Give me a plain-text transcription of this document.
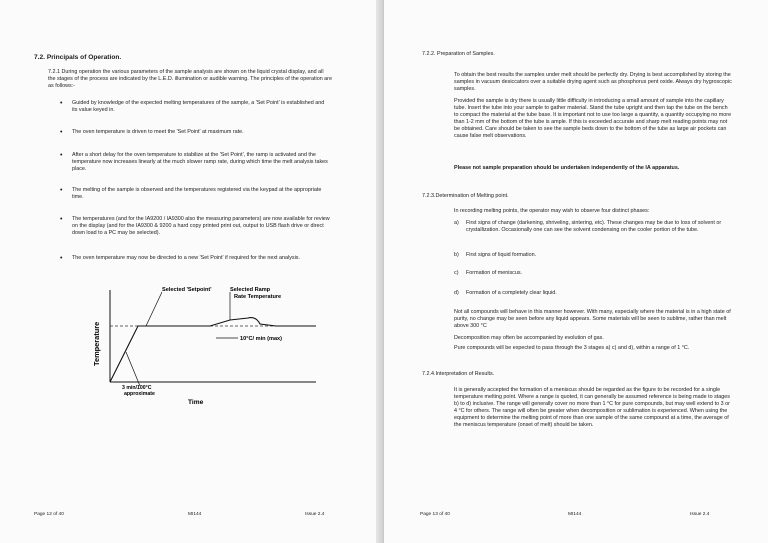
7.2. Principals of Operation.

7.2.1 During operation the various parameters of the sample analysis are shown on the liquid crystal display, and all the stages of the process are indicated by the L.E.D. illumination or audible warning. The principles of the operation are as follows:-

• Guided by knowledge of the expected melting temperatures of the sample, a 'Set Point' is established and its value keyed in.

• The oven temperature is driven to meet the 'Set Point' at maximum rate.

• After a short delay for the oven temperature to stabilize at the 'Set Point', the ramp is activated and the temperature now increases linearly at the much slower ramp rate, during which time the melt analysis takes place.

• The melting of the sample is observed and the temperatures registered via the keypad at the appropriate time.

• The temperatures (and for the IA9200 / IA9300 also the measuring parameters) are now available for review on the display (and for the IA9300 & 9200 a hard copy printed print out, output to USB flash drive or direct down load to a PC may be selected).

• The oven temperature may now be directed to a new 'Set Point' if required for the next analysis.

Selected 'Setpoint'	Selected Ramp
Rate Temperature
10°C/ min (max)
3 min/100°C
approximate
Time
Temperature
Page 12 of 40	MI144	Issue 2.4

7.2.2. Preparation of Samples.

To obtain the best results the samples under melt should be perfectly dry. Drying is best accomplished by storing the samples in vacuum desiccators over a suitable drying agent such as phosphorus pent oxide. Always dry hygroscopic samples.

Provided the sample is dry there is usually little difficulty in introducing a small amount of sample into the capillary tube. Insert the tube into your sample to gather material. Stand the tube upright and then tap the tube on the bench to compact the material at the tube base. It is important not to use too large a quantity, a quantity occupying no more than 1-2 mm of the bottom of the tube is ample. If this is exceeded accurate and sharp melt reading points may not be obtained. Care should be taken to see the sample beds down to the bottom of the tube as large air pockets can cause false melt observations.

Please not sample preparation should be undertaken independently of the IA apparatus.

7.2.3.Determination of Melting point.

In recording melting points, the operator may wish to observe four distinct phases:

a) First signs of change (darkening, shriveling, sintering, etc). These changes may be due to loss of solvent or crystallization. Occasionally one can see the solvent condensing on the cooler portion of the tube.

b) First signs of liquid formation.

c) Formation of meniscus.

d) Formation of a completely clear liquid.

Not all compounds will behave in this manner however. With many, especially where the material is in a high state of purity, no change may be seen before any liquid appears. Some materials will be seen to sublime, rather than melt above 300 °C

Decomposition may often be accompanied by evolution of gas.

Pure compounds will be expected to pass through the 3 stages a) c) and d), within a range of 1 °C.

7.2.4.Interpretation of Results.

It is generally accepted the formation of a meniscus should be regarded as the figure to be recorded for a single temperature melting point. Where a range is quoted, it can generally be assumed reference is being made to stages b) to d) inclusive. The range will generally cover no more than 1 °C for pure compounds, but may well extend to 3 or 4 °C for others. The range will often be greater when decomposition or sublimation is experienced. When using the equipment to determine the melting point of more than one sample of the same compound at a time, the average of the meniscus temperature (onset of melt) should be taken.

Page 13 of 40	MI144	Issue 2.4
